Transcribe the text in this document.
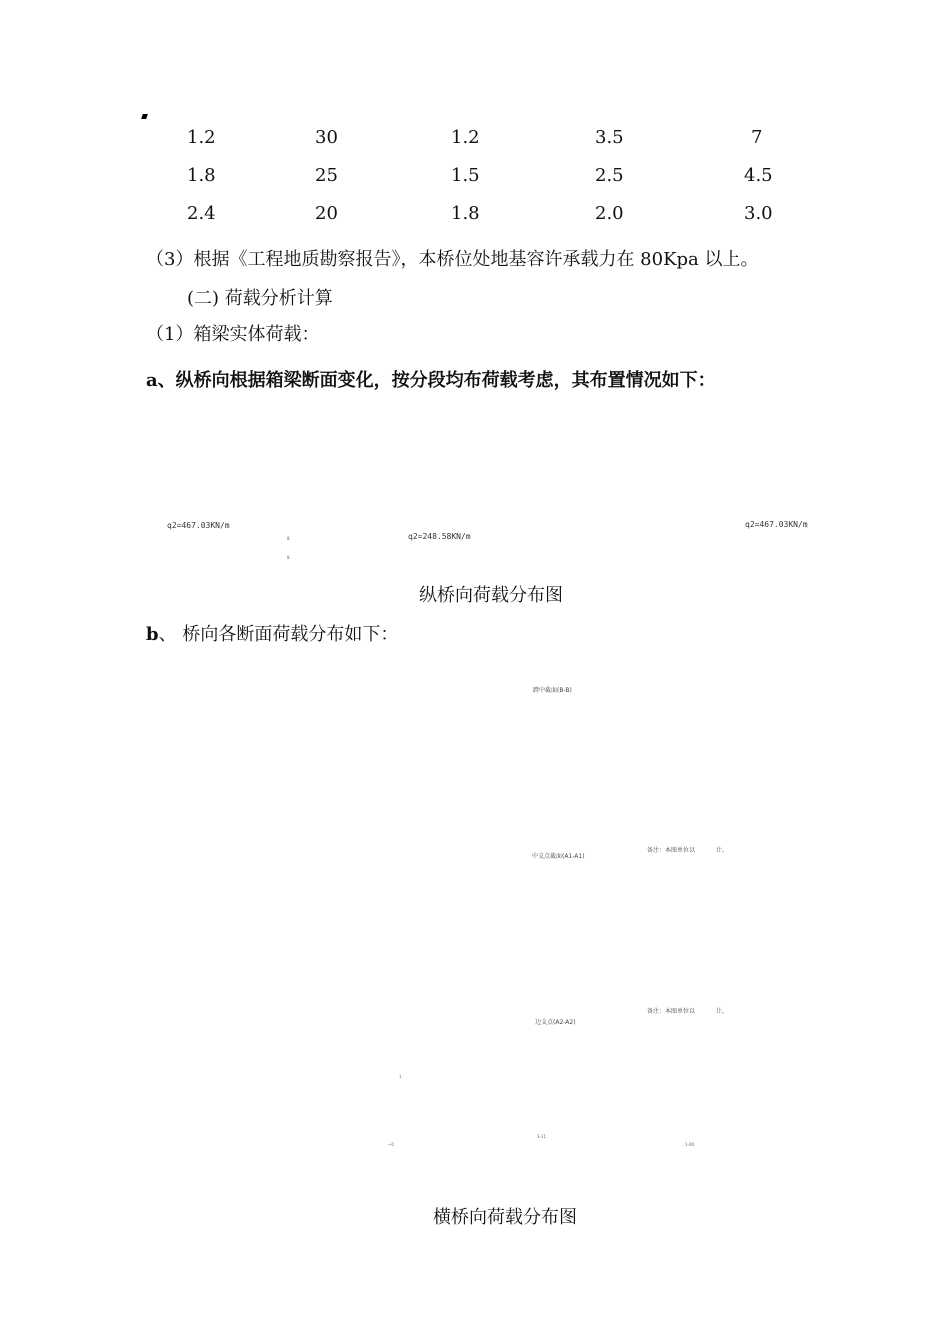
1.2	30	1.2	3.5	7
1.8	25	1.5	2.5	4.5
2.4	20	1.8	2.0	3.0
（3）根据《工程地质勘察报告》，本桥位处地基容许承载力在 80Kpa 以上。
(二) 荷载分析计算
（1）箱梁实体荷载：
a、纵桥向根据箱梁断面变化，按分段均布荷载考虑，其布置情况如下：
q2=467.03KN/m
q2=248.58KN/m
q2=467.03KN/m
8
8
纵桥向荷载分布图
b、 桥向各断面荷载分布如下：
跨中截面(B-B)
中支点截面(A1-A1)
备注：本图单位以	计。
备注：本图单位以	计。
边支点(A2-A2)
1
~0
3-11
1-00
横桥向荷载分布图
